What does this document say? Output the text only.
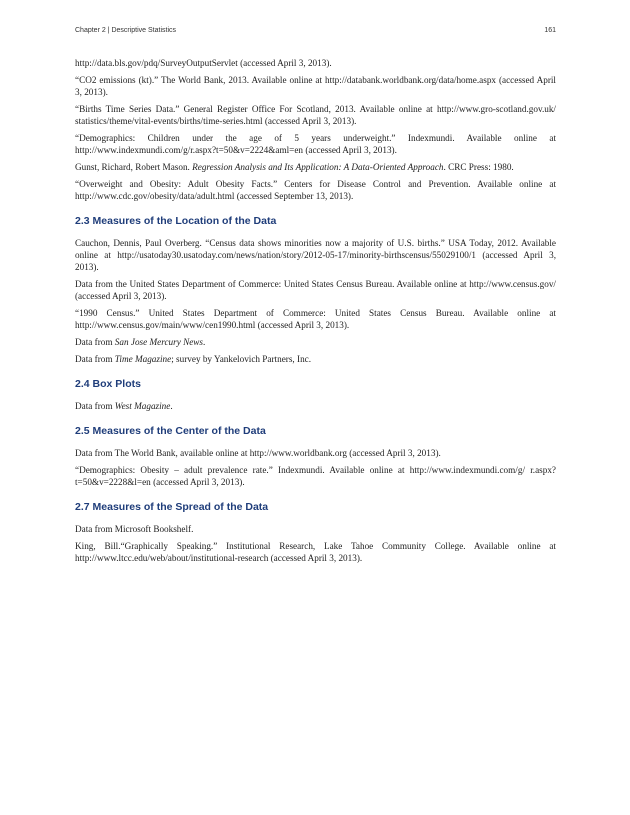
Chapter 2 | Descriptive Statistics	161

http://data.bls.gov/pdq/SurveyOutputServlet (accessed April 3, 2013).

“CO2 emissions (kt).” The World Bank, 2013. Available online at http://databank.worldbank.org/data/home.aspx (accessed April 3, 2013).

“Births Time Series Data.” General Register Office For Scotland, 2013. Available online at http://www.gro-scotland.gov.uk/ statistics/theme/vital-events/births/time-series.html (accessed April 3, 2013).

“Demographics: Children under the age of 5 years underweight.” Indexmundi. Available online at http://www.indexmundi.com/g/r.aspx?t=50&v=2224&aml=en (accessed April 3, 2013).

Gunst, Richard, Robert Mason. Regression Analysis and Its Application: A Data-Oriented Approach. CRC Press: 1980.

“Overweight and Obesity: Adult Obesity Facts.” Centers for Disease Control and Prevention. Available online at http://www.cdc.gov/obesity/data/adult.html (accessed September 13, 2013).

2.3 Measures of the Location of the Data

Cauchon, Dennis, Paul Overberg. “Census data shows minorities now a majority of U.S. births.” USA Today, 2012. Available online at http://usatoday30.usatoday.com/news/nation/story/2012-05-17/minority-birthscensus/55029100/1 (accessed April 3, 2013).

Data from the United States Department of Commerce: United States Census Bureau. Available online at http://www.census.gov/ (accessed April 3, 2013).

“1990 Census.” United States Department of Commerce: United States Census Bureau. Available online at http://www.census.gov/main/www/cen1990.html (accessed April 3, 2013).

Data from San Jose Mercury News.

Data from Time Magazine; survey by Yankelovich Partners, Inc.

2.4 Box Plots

Data from West Magazine.

2.5 Measures of the Center of the Data

Data from The World Bank, available online at http://www.worldbank.org (accessed April 3, 2013).

“Demographics: Obesity – adult prevalence rate.” Indexmundi. Available online at http://www.indexmundi.com/g/ r.aspx?t=50&v=2228&l=en (accessed April 3, 2013).

2.7 Measures of the Spread of the Data

Data from Microsoft Bookshelf.

King, Bill.“Graphically Speaking.” Institutional Research, Lake Tahoe Community College. Available online at http://www.ltcc.edu/web/about/institutional-research (accessed April 3, 2013).
